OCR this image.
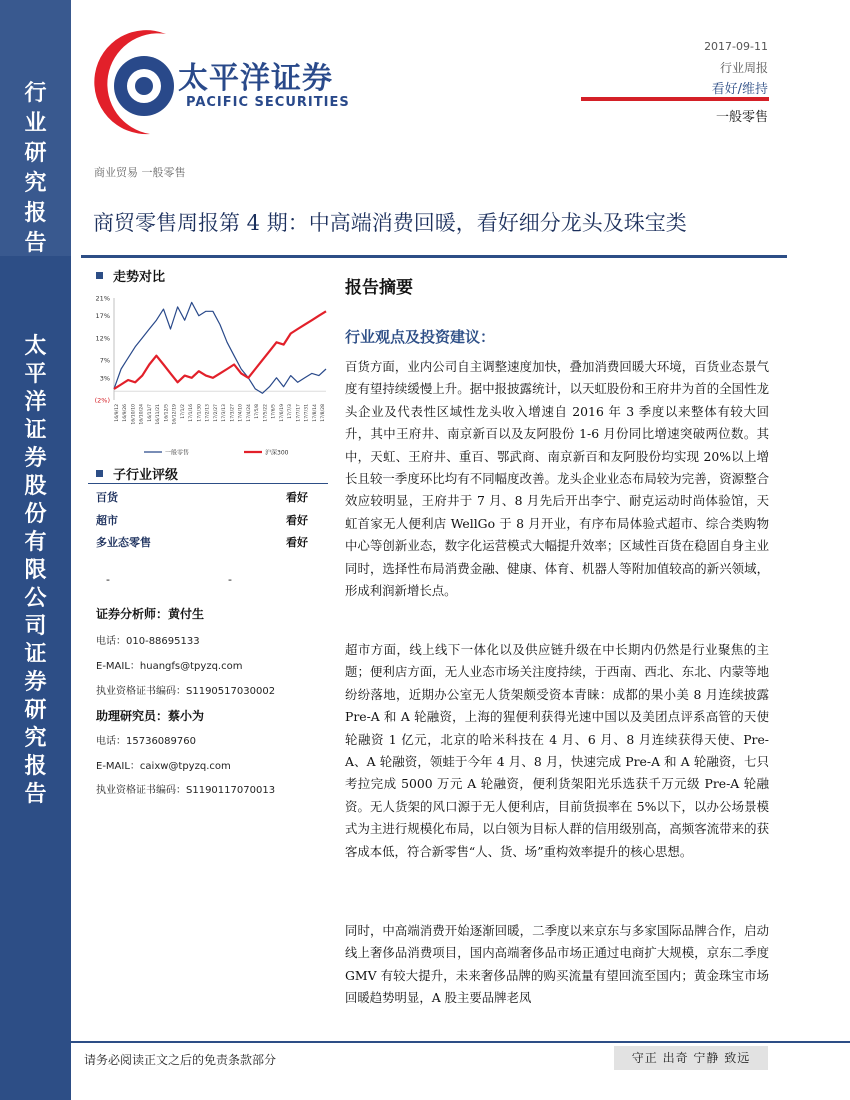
行
业
研
究
报
告
太
平
洋
证
券
股
份
有
限
公
司
证
券
研
究
报
告
太平洋证券
PACIFIC SECURITIES
2017-09-11
行业周报
看好/维持
一般零售
商业贸易 一般零售
商贸零售周报第 4 期：中高端消费回暖，看好细分龙头及珠宝类
走势对比
21%
17%
12%
7%
3%
(2%)
16/9/12 16/9/26 16/10/10 16/10/24 16/11/7 16/11/21 16/12/5 16/12/19 17/1/2 17/1/16 17/1/30 17/2/13 17/2/27 17/3/13 17/3/27 17/4/10 17/4/24 17/5/8 17/5/22 17/6/5 17/6/19 17/7/3 17/7/17 17/7/31 17/8/14 17/8/28
一般零售	沪深300
子行业评级
百货	看好
超市	看好
多业态零售	看好
-	-
证券分析师：黄付生
电话：010-88695133
E-MAIL：huangfs@tpyzq.com
执业资格证书编码：S1190517030002
助理研究员：蔡小为
电话：15736089760
E-MAIL：caixw@tpyzq.com
执业资格证书编码：S1190117070013
报告摘要
行业观点及投资建议：
百货方面，业内公司自主调整速度加快，叠加消费回暖大环境，百货业态景气度有望持续缓慢上升。据中报披露统计，以天虹股份和王府井为首的全国性龙头企业及代表性区域性龙头收入增速自 2016 年 3 季度以来整体有较大回升，其中王府井、南京新百以及友阿股份 1-6 月份同比增速突破两位数。其中，天虹、王府井、重百、鄂武商、南京新百和友阿股份均实现 20%以上增长且较一季度环比均有不同幅度改善。龙头企业业态布局较为完善，资源整合效应较明显，王府井于 7 月、8 月先后开出李宁、耐克运动时尚体验馆，天虹首家无人便利店 WellGo 于 8 月开业，有序布局体验式超市、综合类购物中心等创新业态，数字化运营模式大幅提升效率；区域性百货在稳固自身主业同时，选择性布局消费金融、健康、体育、机器人等附加值较高的新兴领域，形成利润新增长点。
超市方面，线上线下一体化以及供应链升级在中长期内仍然是行业聚焦的主题；便利店方面，无人业态市场关注度持续，于西南、西北、东北、内蒙等地纷纷落地，近期办公室无人货架颇受资本青睐：成都的果小美 8 月连续披露 Pre-A 和 A 轮融资，上海的猩便利获得光速中国以及美团点评系高管的天使轮融资 1 亿元，北京的哈米科技在 4 月、6 月、8 月连续获得天使、Pre-A、A 轮融资，领蛙于今年 4 月、8 月，快速完成 Pre-A 和 A 轮融资，七只考拉完成 5000 万元 A 轮融资，便利货架阳光乐选获千万元级 Pre-A 轮融资。无人货架的风口源于无人便利店，目前货损率在 5%以下，以办公场景模式为主进行规模化布局，以白领为目标人群的信用级别高，高频客流带来的获客成本低，符合新零售“人、货、场”重构效率提升的核心思想。
同时，中高端消费开始逐渐回暖，二季度以来京东与多家国际品牌合作，启动线上奢侈品消费项目，国内高端奢侈品市场正通过电商扩大规模，京东二季度 GMV 有较大提升，未来奢侈品牌的购买流量有望回流至国内；黄金珠宝市场回暖趋势明显，A 股主要品牌老凤
请务必阅读正文之后的免责条款部分	守正 出奇 宁静 致远
